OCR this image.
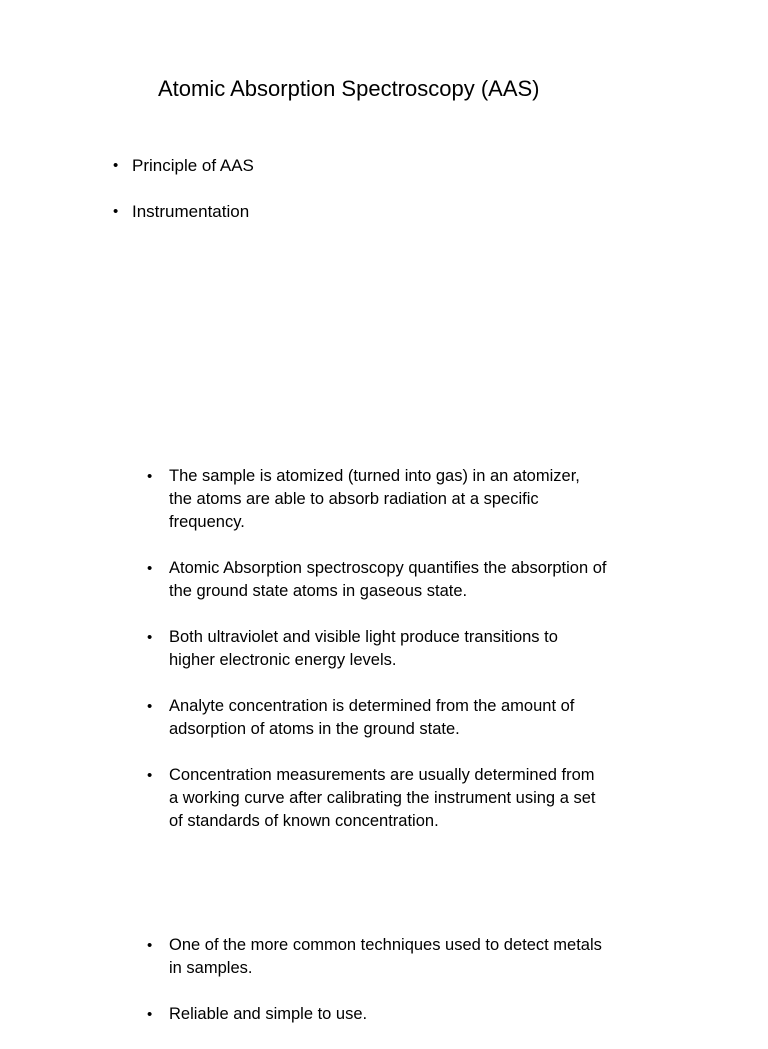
Atomic Absorption Spectroscopy (AAS)
• Principle of AAS
• Instrumentation
• The sample is atomized (turned into gas) in an atomizer, the atoms are able to absorb radiation at a specific frequency.
• Atomic Absorption spectroscopy quantifies the absorption of the ground state atoms in gaseous state.
• Both ultraviolet and visible light produce transitions to higher electronic energy levels.
• Analyte concentration is determined from the amount of adsorption of atoms in the ground state.
• Concentration measurements are usually determined from a working curve after calibrating the instrument using a set of standards of known concentration.
• One of the more common techniques used to detect metals in samples.
• Reliable and simple to use.
